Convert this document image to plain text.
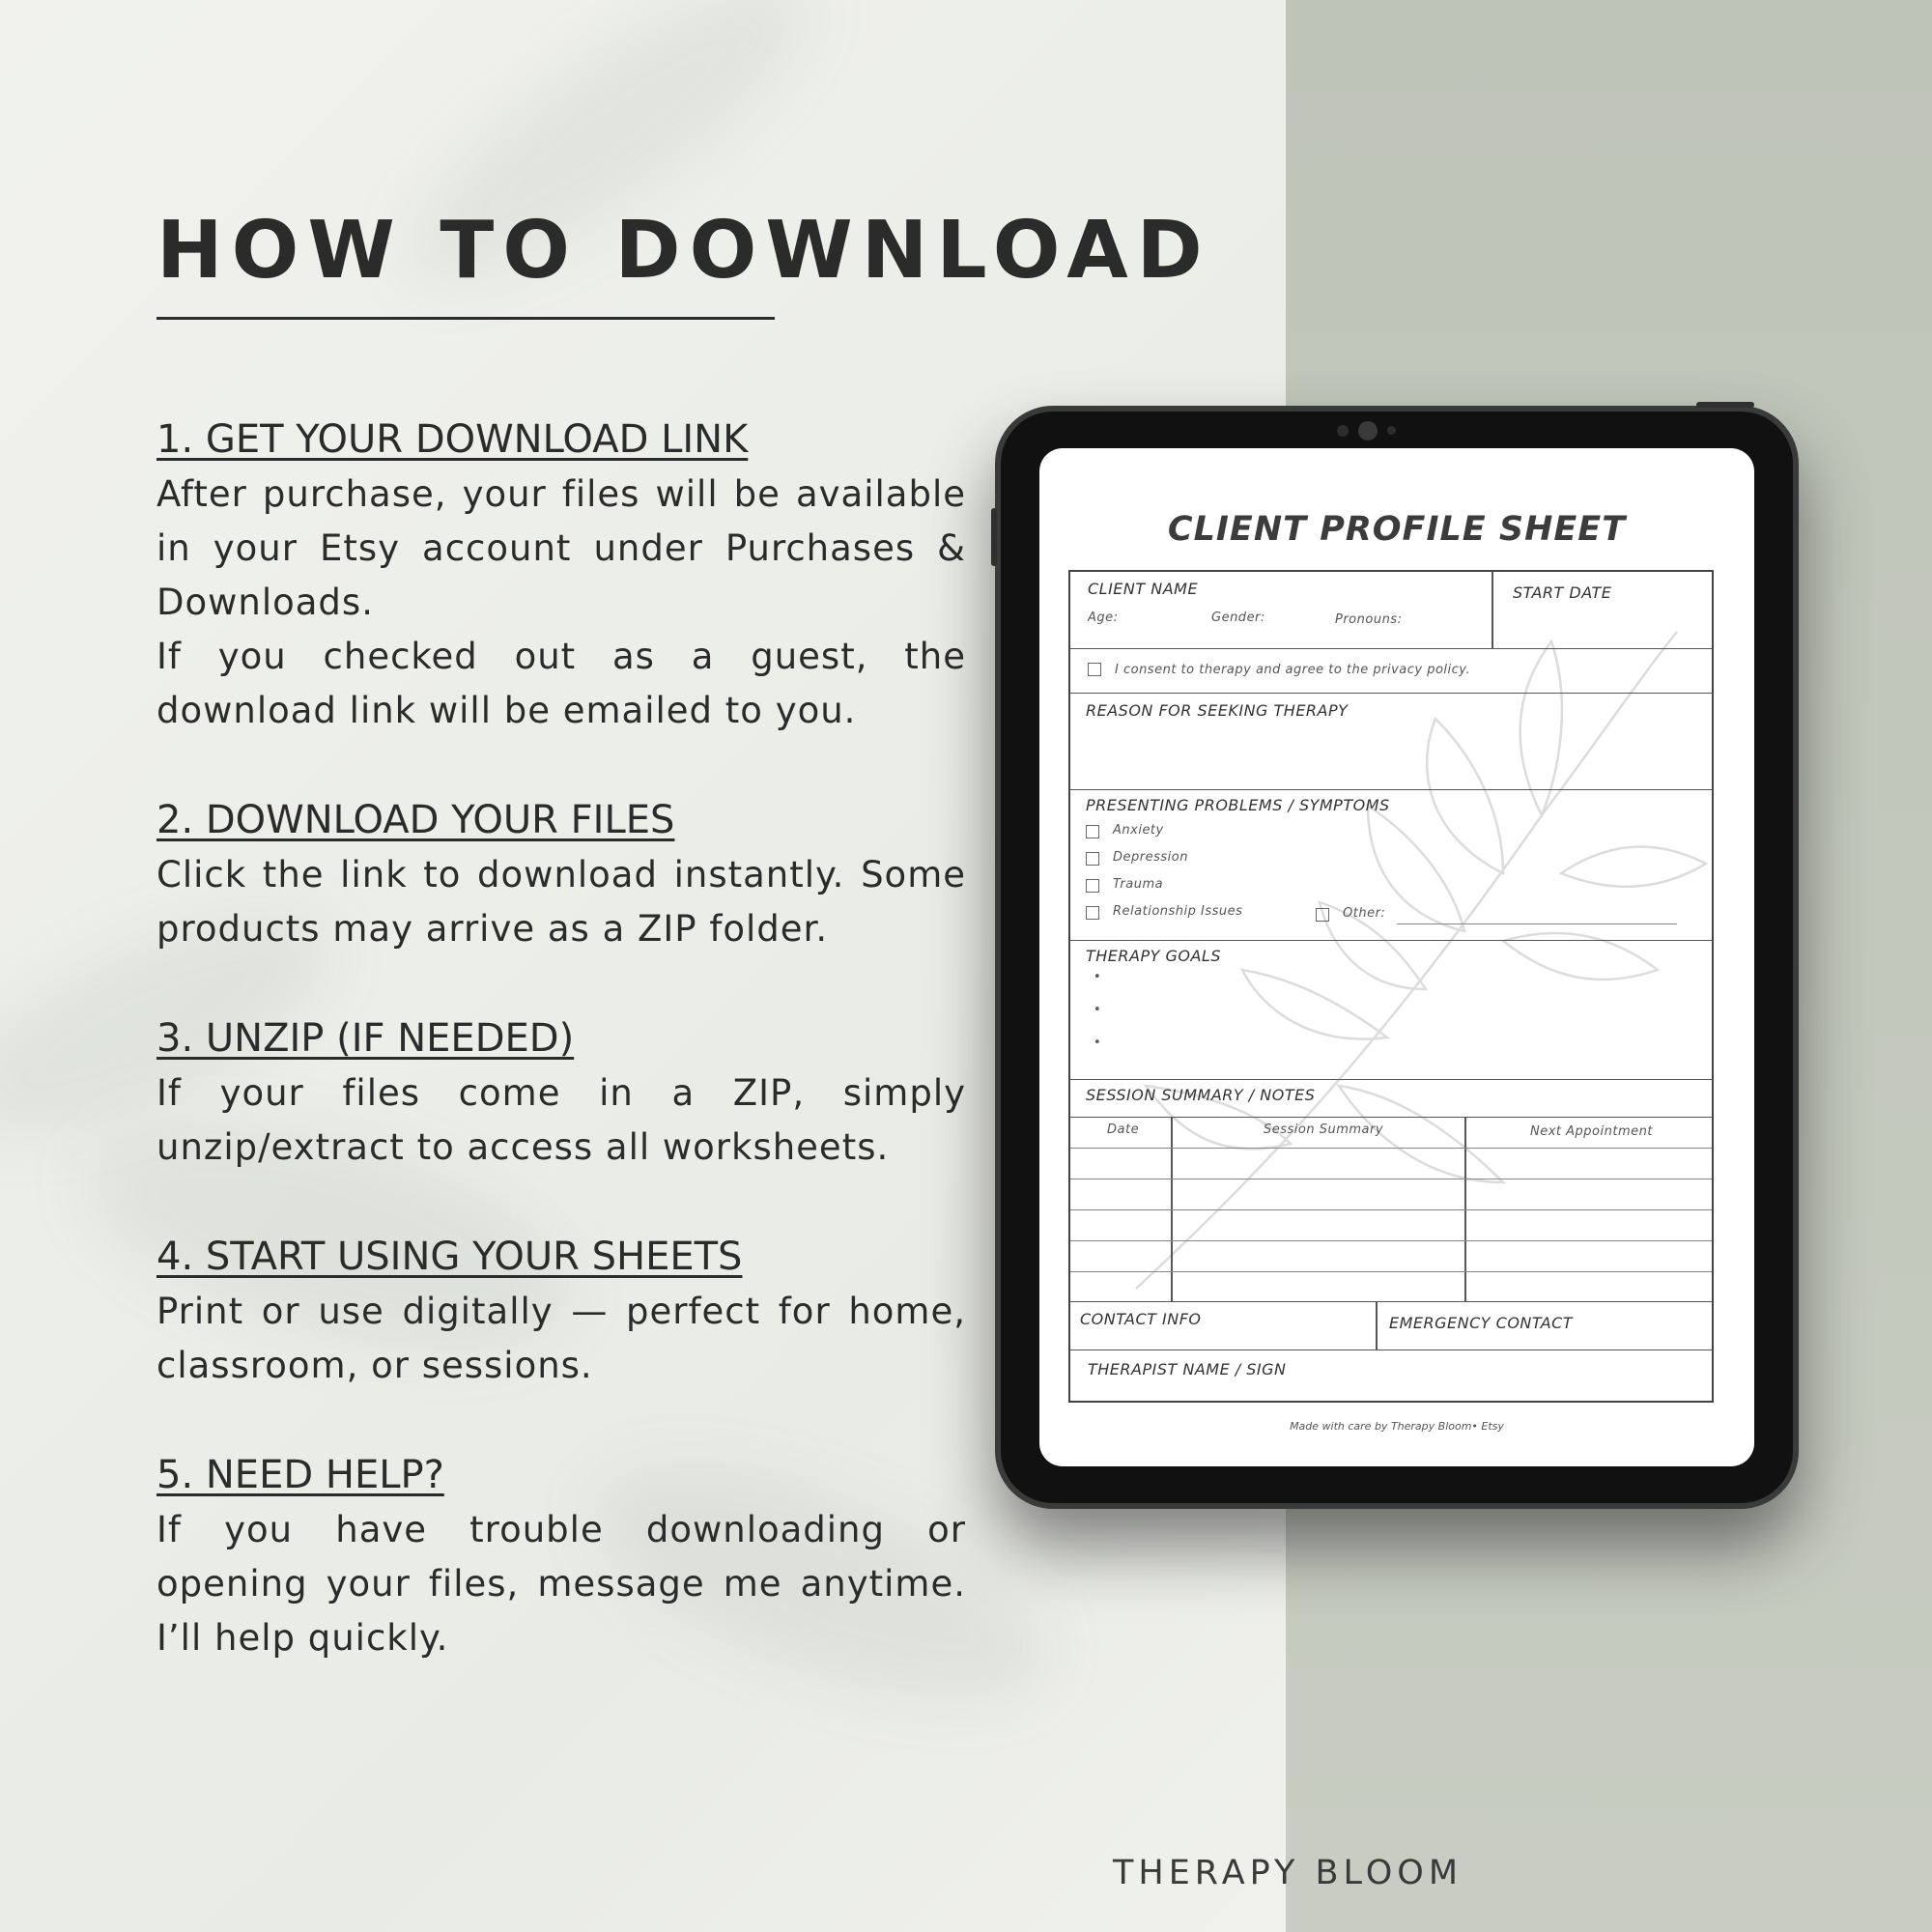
HOW TO DOWNLOAD
1. GET YOUR DOWNLOAD LINK

After purchase, your files will be available in your Etsy account under Purchases & Downloads.

If you checked out as a guest, the download link will be emailed to you.

2. DOWNLOAD YOUR FILES

Click the link to download instantly. Some products may arrive as a ZIP folder.

3. UNZIP (IF NEEDED)

If your files come in a ZIP, simply unzip/extract to access all worksheets.

4. START USING YOUR SHEETS

Print or use digitally — perfect for home, classroom, or sessions.

5. NEED HELP?

If you have trouble downloading or opening your files, message me anytime. I’ll help quickly.

CLIENT PROFILE SHEET
CLIENT NAME
Age:	Gender:	Pronouns:
START DATE
I consent to therapy and agree to the privacy policy.
REASON FOR SEEKING THERAPY
PRESENTING PROBLEMS / SYMPTOMS
Anxiety
Depression
Trauma
Relationship Issues	Other:
THERAPY GOALS
•
•
•
SESSION SUMMARY / NOTES
Date	Session Summary	Next Appointment
CONTACT INFO	EMERGENCY CONTACT
THERAPIST NAME / SIGN
Made with care by Therapy Bloom• Etsy
THERAPY BLOOM
